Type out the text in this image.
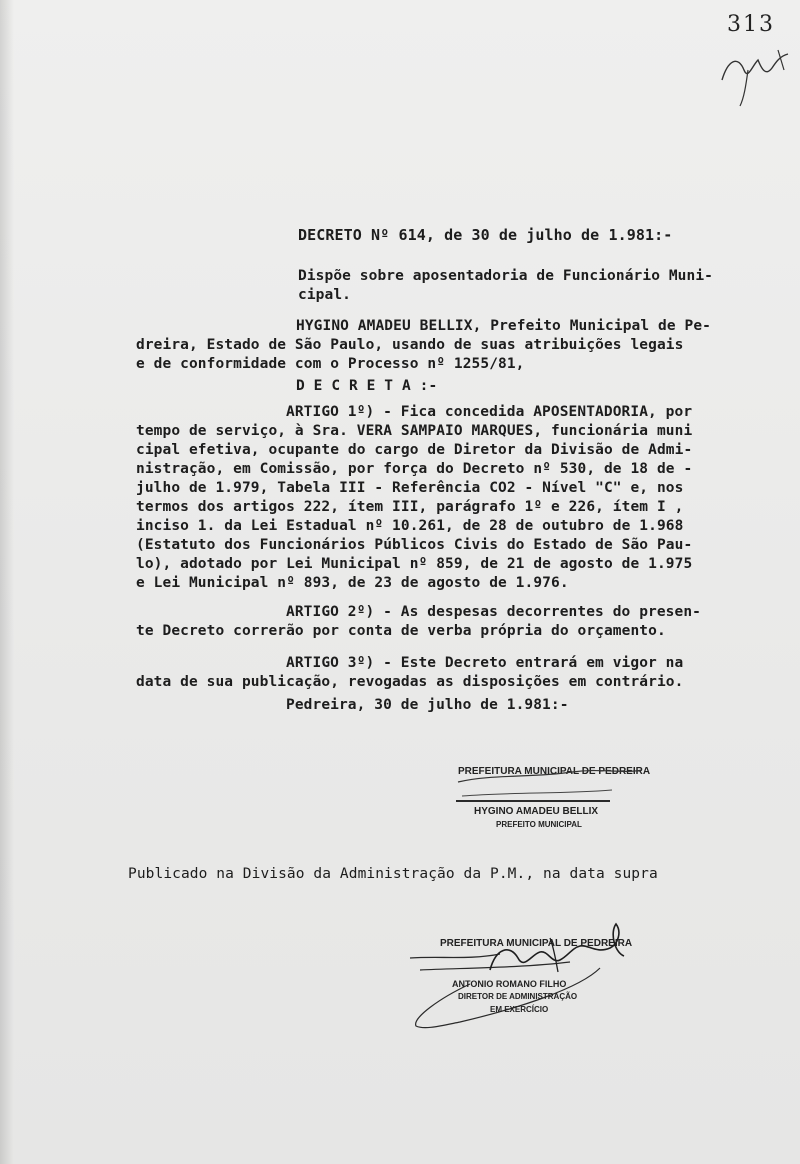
313
DECRETO Nº 614, de 30 de julho de 1.981:-
Dispõe sobre aposentadoria de Funcionário Muni-
cipal.
HYGINO AMADEU BELLIX, Prefeito Municipal de Pe-
dreira, Estado de São Paulo, usando de suas atribuições legais
e de conformidade com o Processo nº 1255/81,
D E C R E T A :-
ARTIGO 1º) - Fica concedida APOSENTADORIA, por
tempo de serviço, à Sra. VERA SAMPAIO MARQUES, funcionária muni
cipal efetiva, ocupante do cargo de Diretor da Divisão de Admi-
nistração, em Comissão, por força do Decreto nº 530, de 18 de -
julho de 1.979, Tabela III - Referência CO2 - Nível "C" e, nos
termos dos artigos 222, ítem III, parágrafo 1º e 226, ítem I ,
inciso 1. da Lei Estadual nº 10.261, de 28 de outubro de 1.968
(Estatuto dos Funcionários Públicos Civis do Estado de São Pau-
lo), adotado por Lei Municipal nº 859, de 21 de agosto de 1.975
e Lei Municipal nº 893, de 23 de agosto de 1.976.
ARTIGO 2º) - As despesas decorrentes do presen-
te Decreto correrão por conta de verba própria do orçamento.
ARTIGO 3º) - Este Decreto entrará em vigor na
data de sua publicação, revogadas as disposições em contrário.
Pedreira, 30 de julho de 1.981:-
PREFEITURA MUNICIPAL DE PEDREIRA
HYGINO AMADEU BELLIX
PREFEITO MUNICIPAL
Publicado na Divisão da Administração da P.M., na data supra
PREFEITURA MUNICIPAL DE PEDREIRA
ANTONIO ROMANO FILHO
DIRETOR DE ADMINISTRAÇÃO
EM EXERCÍCIO
